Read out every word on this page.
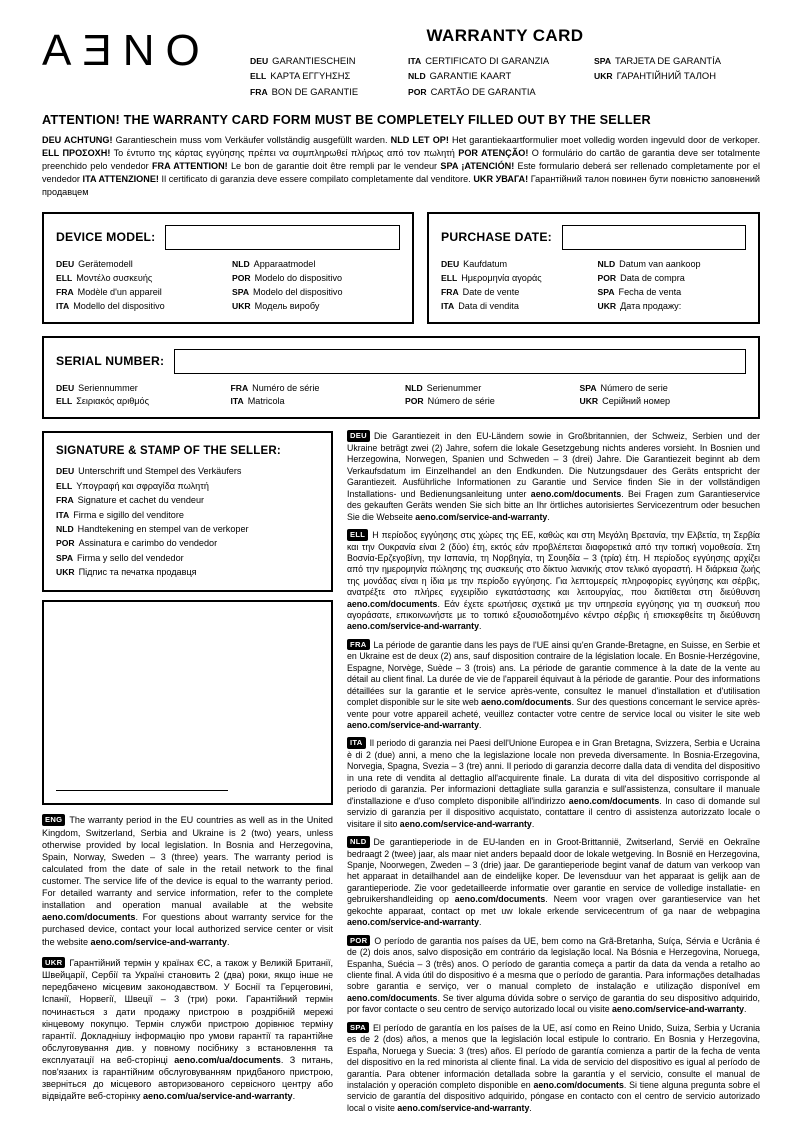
AƎNO	WARRANTY CARD
DEU GARANTIESCHEIN
ELL ΚΑΡΤΑ ΕΓΓΥΗΣΗΣ
FRA BON DE GARANTIE
ITA CERTIFICATO DI GARANZIA
NLD GARANTIE KAART
POR CARTÃO DE GARANTIA
SPA TARJETA DE GARANTÍA
UKR ГАРАНТІЙНИЙ ТАЛОН
ATTENTION! THE WARRANTY CARD FORM MUST BE COMPLETELY FILLED OUT BY THE SELLER

DEU ACHTUNG! Garantieschein muss vom Verkäufer vollständig ausgefüllt warden. NLD LET OP! Het garantiekaartformulier moet volledig worden ingevuld door de verkoper. ELL ΠΡΟΣΟΧΗ! Το έντυπο της κάρτας εγγύησης πρέπει να συμπληρωθεί πλήρως από τον πωλητή POR ATENÇÃO! O formulário do cartão de garantia deve ser totalmente preenchido pelo vendedor FRA ATTENTION! Le bon de garantie doit être rempli par le vendeur SPA ¡ATENCIÓN! Este formulario deberá ser rellenado completamente por el vendedor ITA ATTENZIONE! Il certificato di garanzia deve essere compilato completamente dal venditore. UKR УВАГА! Гарантійний талон повинен бути повністю заповнений продавцем

DEVICE MODEL:
DEU Gerätemodell
ELL Μοντέλο συσκευής
FRA Modèle d'un appareil
ITA Modello del dispositivo
NLD Apparaatmodel
POR Modelo do dispositivo
SPA Modelo del dispositivo
UKR Модель виробу
PURCHASE DATE:
DEU Kaufdatum
ELL Ημερομηνία αγοράς
FRA Date de vente
ITA Data di vendita
NLD Datum van aankoop
POR Data de compra
SPA Fecha de venta
UKR Дата продажу:
SERIAL NUMBER:
DEU Seriennummer
ELL Σειριακός αριθμός
FRA Numéro de série
ITA Matricola
NLD Serienummer
POR Número de série
SPA Número de serie
UKR Серійний номер
SIGNATURE & STAMP OF THE SELLER:
DEU Unterschrift und Stempel des Verkäufers
ELL Υπογραφή και σφραγίδα πωλητή
FRA Signature et cachet du vendeur
ITA Firma e sigillo del venditore
NLD Handtekening en stempel van de verkoper
POR Assinatura e carimbo do vendedor
SPA Firma y sello del vendedor
UKR Підпис та печатка продавця

ENG The warranty period in the EU countries as well as in the United Kingdom, Switzerland, Serbia and Ukraine is 2 (two) years, unless otherwise provided by local legislation. In Bosnia and Herzegovina, Spain, Norway, Sweden – 3 (three) years. The warranty period is calculated from the date of sale in the retail network to the final customer. The service life of the device is equal to the warranty period. For detailed warranty and service information, refer to the complete installation and operation manual available at the website aeno.com/documents. For questions about warranty service for the purchased device, contact your local authorized service center or visit the website aeno.com/service-and-warranty.

UKR Гарантійний термін у країнах ЄС, а також у Великій Британії, Швейцарії, Сербії та Україні становить 2 (два) роки, якщо інше не передбачено місцевим законодавством. У Боснії та Герцеговині, Іспанії, Норвегії, Швеції – 3 (три) роки. Гарантійний термін починається з дати продажу пристрою в роздрібній мережі кінцевому покупцю. Термін служби пристрою дорівнює терміну гарантії. Докладнішу інформацію про умови гарантії та гарантійне обслуговування див. у повному посібнику з встановлення та експлуатації на веб-сторінці aeno.com/ua/documents. З питань, пов'язаних із гарантійним обслуговуванням придбаного пристрою, зверніться до місцевого авторизованого сервісного центру або відвідайте веб-сторінку aeno.com/ua/service-and-warranty.

DEU Die Garantiezeit in den EU-Ländern sowie in Großbritannien, der Schweiz, Serbien und der Ukraine beträgt zwei (2) Jahre, sofern die lokale Gesetzgebung nichts anderes vorsieht. In Bosnien und Herzegowina, Norwegen, Spanien und Schweden – 3 (drei) Jahre. Die Garantiezeit beginnt ab dem Verkaufsdatum im Einzelhandel an den Endkunden. Die Nutzungsdauer des Geräts entspricht der Garantiezeit. Ausführliche Informationen zu Garantie und Service finden Sie in der vollständigen Installations- und Bedienungsanleitung unter aeno.com/documents. Bei Fragen zum Garantieservice des gekauften Geräts wenden Sie sich bitte an Ihr örtliches autorisiertes Servicezentrum oder besuchen Sie die Webseite aeno.com/service-and-warranty.

ELL Η περίοδος εγγύησης στις χώρες της ΕΕ, καθώς και στη Μεγάλη Βρετανία, την Ελβετία, τη Σερβία και την Ουκρανία είναι 2 (δύο) έτη, εκτός εάν προβλέπεται διαφορετικά από την τοπική νομοθεσία. Στη Βοσνία-Ερζεγοβίνη, την Ισπανία, τη Νορβηγία, τη Σουηδία – 3 (τρία) έτη. Η περίοδος εγγύησης αρχίζει από την ημερομηνία πώλησης της συσκευής στο δίκτυο λιανικής στον τελικό αγοραστή. Η διάρκεια ζωής της μονάδας είναι η ίδια με την περίοδο εγγύησης. Για λεπτομερείς πληροφορίες εγγύησης και σέρβις, ανατρέξτε στο πλήρες εγχειρίδιο εγκατάστασης και λειτουργίας, που διατίθεται στη διεύθυνση aeno.com/documents. Εάν έχετε ερωτήσεις σχετικά με την υπηρεσία εγγύησης για τη συσκευή που αγοράσατε, επικοινωνήστε με το τοπικό εξουσιοδοτημένο κέντρο σέρβις ή επισκεφθείτε τη διεύθυνση aeno.com/service-and-warranty.

FRA La période de garantie dans les pays de l'UE ainsi qu'en Grande-Bretagne, en Suisse, en Serbie et en Ukraine est de deux (2) ans, sauf disposition contraire de la législation locale. En Bosnie-Herzégovine, Espagne, Norvège, Suède – 3 (trois) ans. La période de garantie commence à la date de la vente au détail au client final. La durée de vie de l'appareil équivaut à la période de garantie. Pour des informations détaillées sur la garantie et le service après-vente, consultez le manuel d'installation et d'utilisation complet disponible sur le site web aeno.com/documents. Sur des questions concernant le service après-vente pour votre appareil acheté, veuillez contacter votre centre de service local ou visiter le site web aeno.com/service-and-warranty.

ITA Il periodo di garanzia nei Paesi dell'Unione Europea e in Gran Bretagna, Svizzera, Serbia e Ucraina è di 2 (due) anni, a meno che la legislazione locale non preveda diversamente. In Bosnia-Erzegovina, Norvegia, Spagna, Svezia – 3 (tre) anni. Il periodo di garanzia decorre dalla data di vendita del dispositivo in una rete di vendita al dettaglio all'acquirente finale. La durata di vita del dispositivo corrisponde al periodo di garanzia. Per informazioni dettagliate sulla garanzia e sull'assistenza, consultare il manuale d'installazione e d'uso completo disponibile all'indirizzo aeno.com/documents. In caso di domande sul servizio di garanzia per il dispositivo acquistato, contattare il centro di assistenza autorizzato locale o visitare il sito aeno.com/service-and-warranty.

NLD De garantieperiode in de EU-landen en in Groot-Brittannië, Zwitserland, Servië en Oekraïne bedraagt 2 (twee) jaar, als maar niet anders bepaald door de lokale wetgeving. In Bosnië en Herzegovina, Spanje, Noorwegen, Zweden – 3 (drie) jaar. De garantieperiode begint vanaf de datum van verkoop van het apparaat in detailhandel aan de eindelijke koper. De levensduur van het apparaat is gelijk aan de garantieperiode. Zie voor gedetailleerde informatie over garantie en service de volledige installatie- en gebruikershandleiding op aeno.com/documents. Neem voor vragen over garantieservice van het gekochte apparaat, contact op met uw lokale erkende servicecentrum of ga naar de webpagina aeno.com/service-and-warranty.

POR O período de garantia nos países da UE, bem como na Grã-Bretanha, Suíça, Sérvia e Ucrânia é de (2) dois anos, salvo disposição em contrário da legislação local. Na Bósnia e Herzegovina, Noruega, Espanha, Suécia – 3 (três) anos. O período de garantia começa a partir da data da venda a retalho ao cliente final. A vida útil do dispositivo é a mesma que o período de garantia. Para informações detalhadas sobre garantia e serviço, ver o manual completo de instalação e utilização disponível em aeno.com/documents. Se tiver alguma dúvida sobre o serviço de garantia do seu dispositivo adquirido, por favor contacte o seu centro de serviço autorizado local ou visite aeno.com/service-and-warranty.

SPA El período de garantía en los países de la UE, así como en Reino Unido, Suiza, Serbia y Ucrania es de 2 (dos) años, a menos que la legislación local estipule lo contrario. En Bosnia y Herzegovina, España, Noruega y Suecia: 3 (tres) años. El período de garantía comienza a partir de la fecha de venta del dispositivo en la red minorista al cliente final. La vida de servicio del dispositivo es igual al período de garantía. Para obtener información detallada sobre la garantía y el servicio, consulte el manual de instalación y operación completo disponible en aeno.com/documents. Si tiene alguna pregunta sobre el servicio de garantía del dispositivo adquirido, póngase en contacto con el centro de servicio autorizado local o visite aeno.com/service-and-warranty.
